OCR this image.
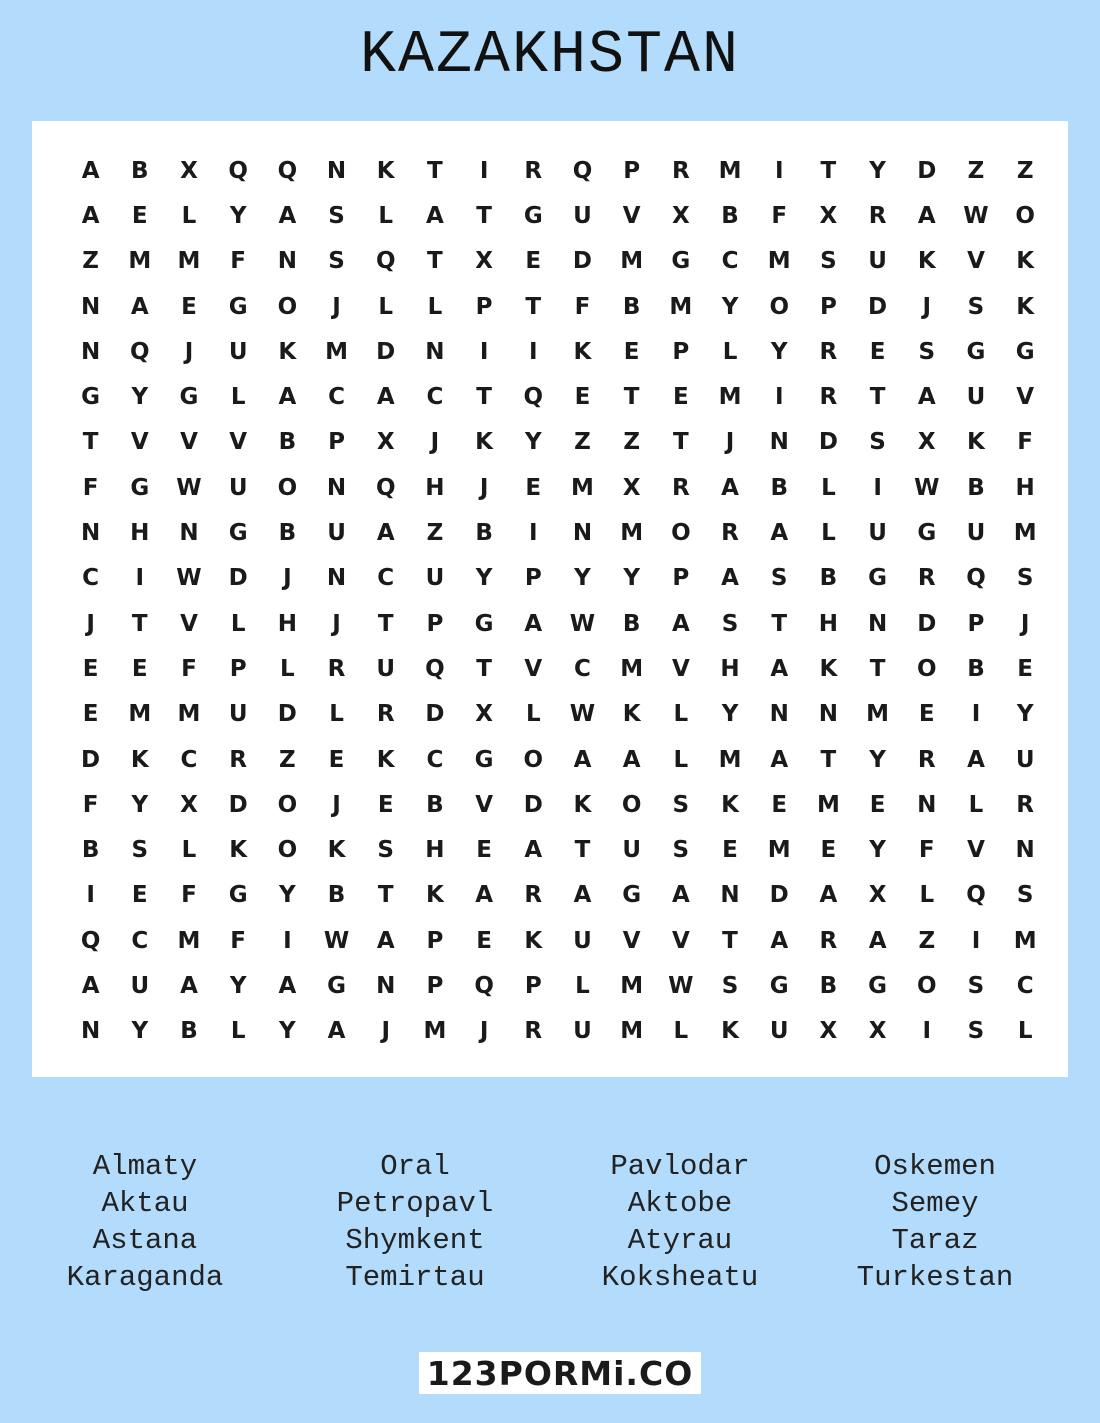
KAZAKHSTAN
A	B	X	Q	Q	N	K	T	I	R	Q	P	R	M	I	T	Y	D	Z	Z
A	E	L	Y	A	S	L	A	T	G	U	V	X	B	F	X	R	A	W	O
Z	M	M	F	N	S	Q	T	X	E	D	M	G	C	M	S	U	K	V	K
N	A	E	G	O	J	L	L	P	T	F	B	M	Y	O	P	D	J	S	K
N	Q	J	U	K	M	D	N	I	I	K	E	P	L	Y	R	E	S	G	G
G	Y	G	L	A	C	A	C	T	Q	E	T	E	M	I	R	T	A	U	V
T	V	V	V	B	P	X	J	K	Y	Z	Z	T	J	N	D	S	X	K	F
F	G	W	U	O	N	Q	H	J	E	M	X	R	A	B	L	I	W	B	H
N	H	N	G	B	U	A	Z	B	I	N	M	O	R	A	L	U	G	U	M
C	I	W	D	J	N	C	U	Y	P	Y	Y	P	A	S	B	G	R	Q	S
J	T	V	L	H	J	T	P	G	A	W	B	A	S	T	H	N	D	P	J
E	E	F	P	L	R	U	Q	T	V	C	M	V	H	A	K	T	O	B	E
E	M	M	U	D	L	R	D	X	L	W	K	L	Y	N	N	M	E	I	Y
D	K	C	R	Z	E	K	C	G	O	A	A	L	M	A	T	Y	R	A	U
F	Y	X	D	O	J	E	B	V	D	K	O	S	K	E	M	E	N	L	R
B	S	L	K	O	K	S	H	E	A	T	U	S	E	M	E	Y	F	V	N
I	E	F	G	Y	B	T	K	A	R	A	G	A	N	D	A	X	L	Q	S
Q	C	M	F	I	W	A	P	E	K	U	V	V	T	A	R	A	Z	I	M
A	U	A	Y	A	G	N	P	Q	P	L	M	W	S	G	B	G	O	S	C
N	Y	B	L	Y	A	J	M	J	R	U	M	L	K	U	X	X	I	S	L
Almaty
Aktau
Astana
Karaganda
Oral
Petropavl
Shymkent
Temirtau
Pavlodar
Aktobe
Atyrau
Koksheatu
Oskemen
Semey
Taraz
Turkestan
123PORMi.CO
